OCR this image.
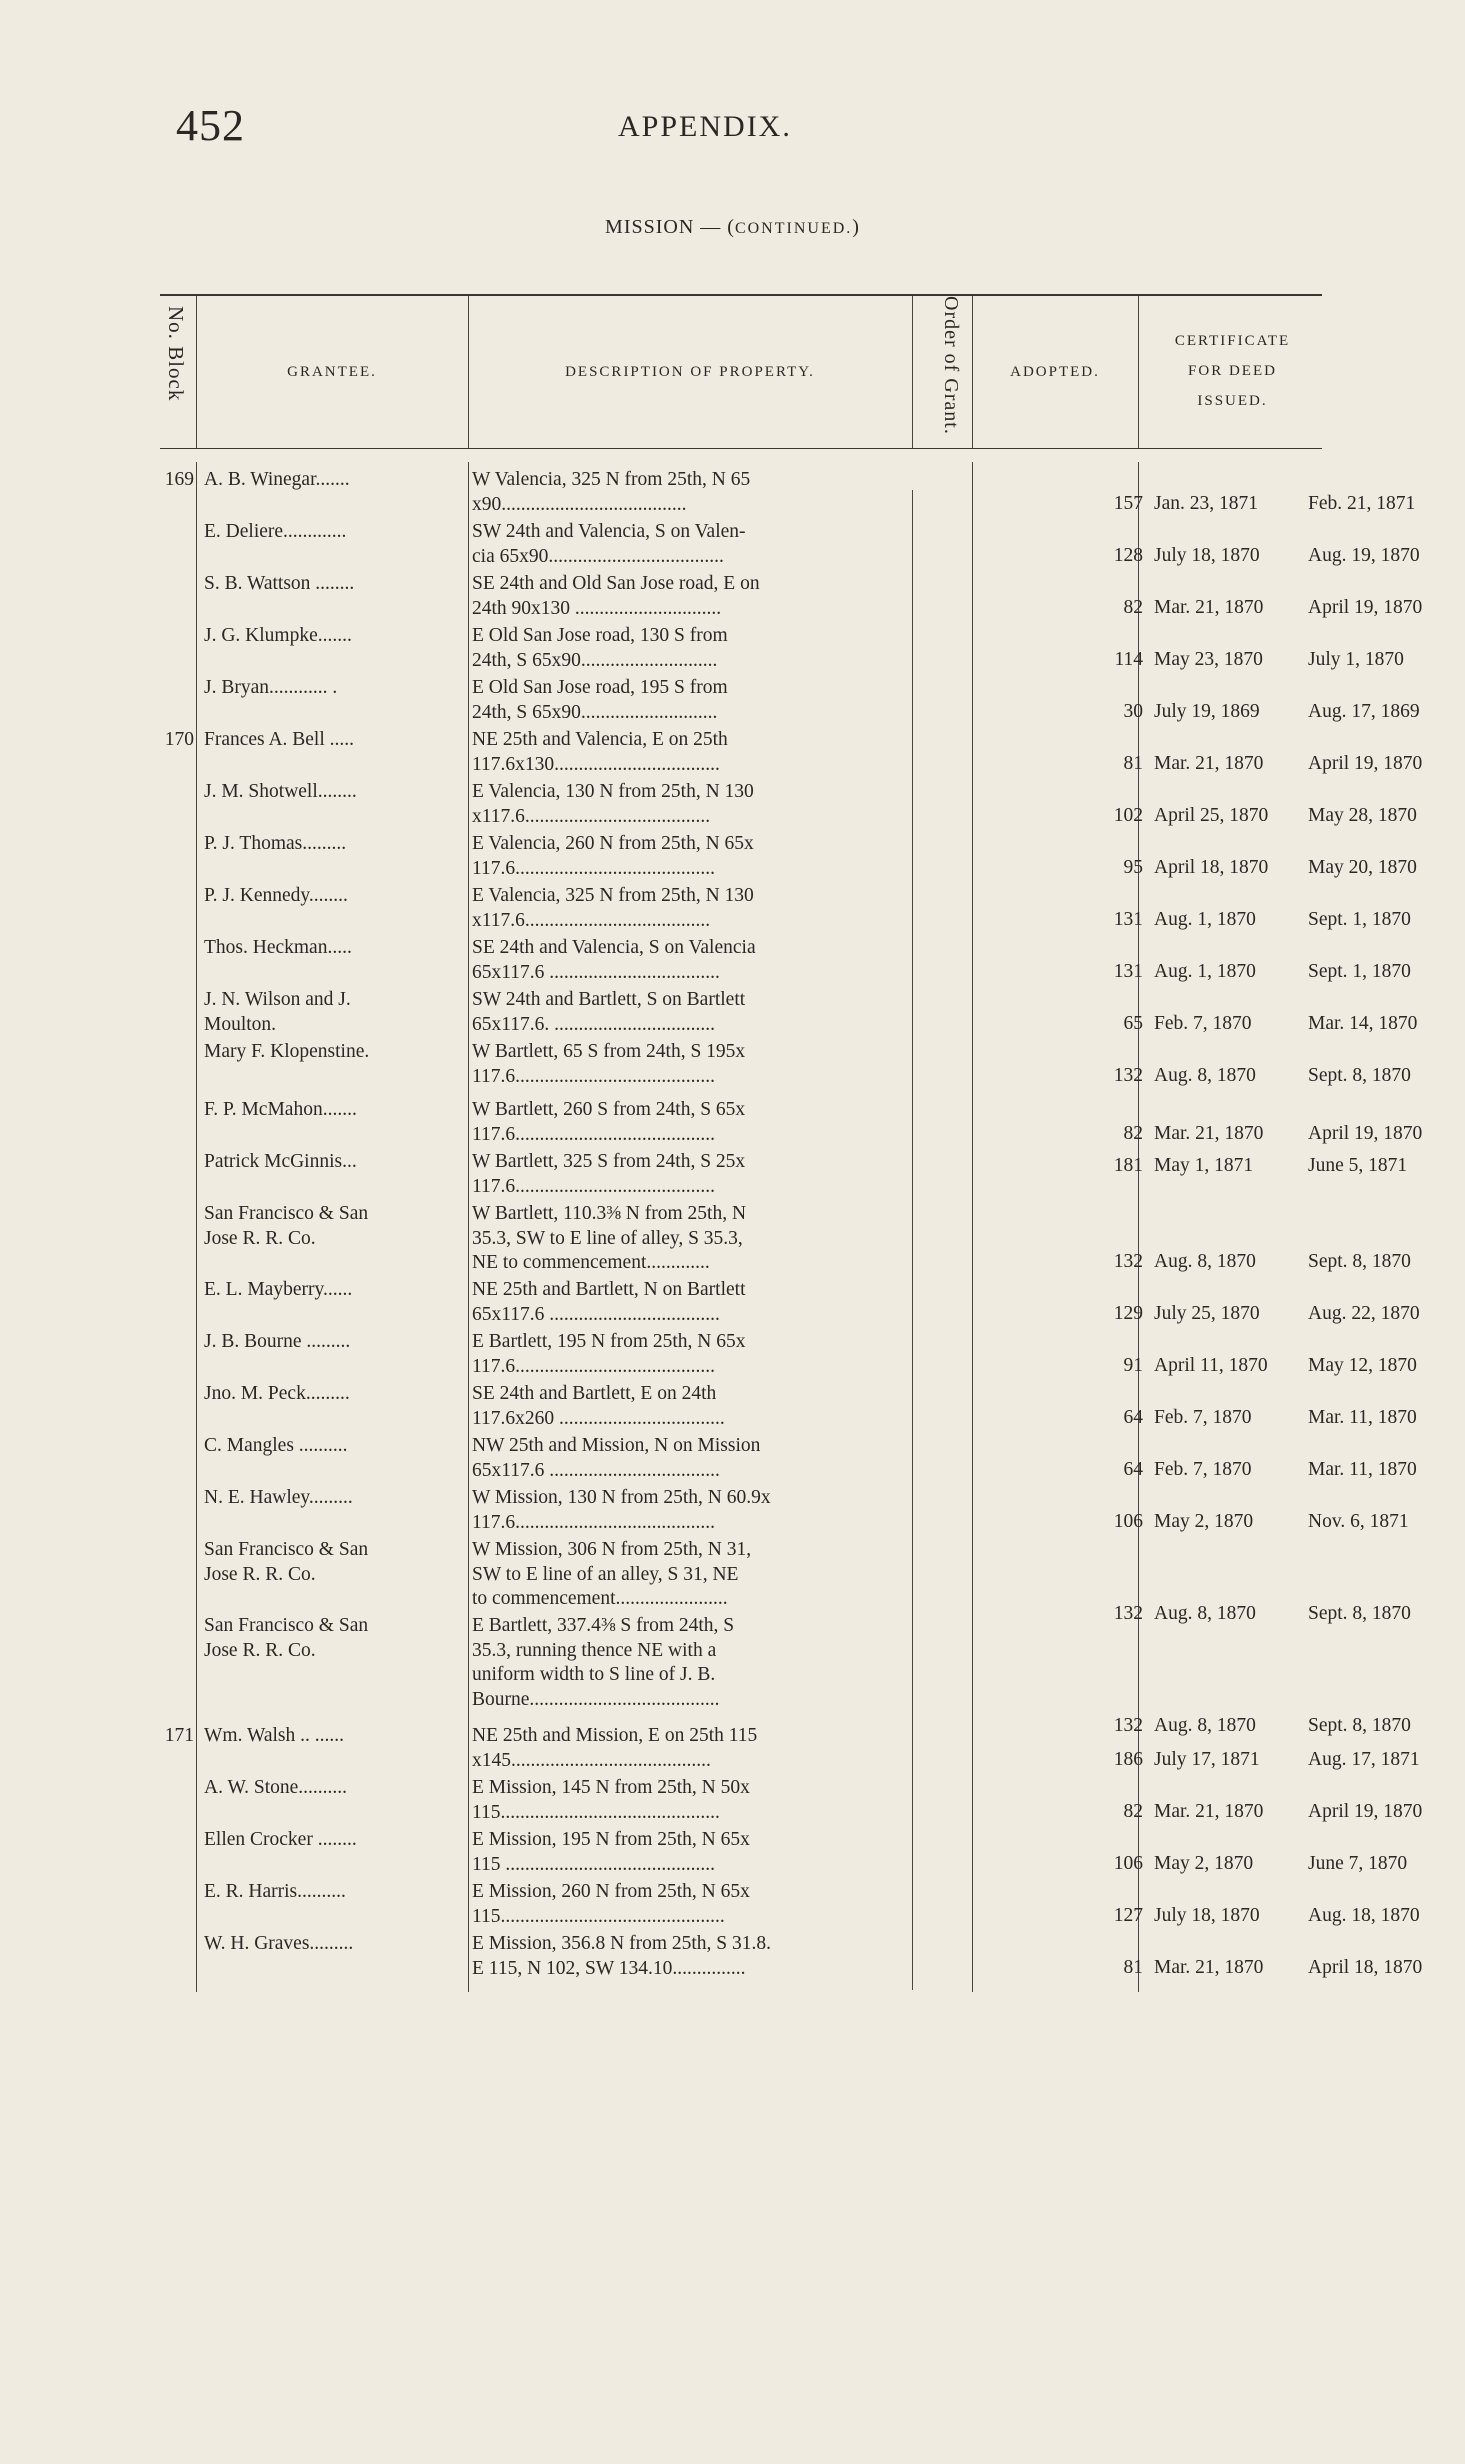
452	APPENDIX.
MISSION — (CONTINUED.)
No. Block	GRANTEE.	DESCRIPTION OF PROPERTY.	Order of Grant.	ADOPTED.
CERTIFICATE
FOR DEED
ISSUED.
169 A. B. Winegar.......	W Valencia, 325 N from 25th, N 65
x90......................................	157 Jan. 23, 1871	Feb. 21, 1871
E. Deliere.............	SW 24th and Valencia, S on Valen-
cia 65x90....................................	128 July 18, 1870	Aug. 19, 1870
S. B. Wattson ........	SE 24th and Old San Jose road, E on
24th 90x130 ..............................	82 Mar. 21, 1870	April 19, 1870
J. G. Klumpke.......	E Old San Jose road, 130 S from
24th, S 65x90............................	114 May 23, 1870	July 1, 1870
J. Bryan............ .	E Old San Jose road, 195 S from
24th, S 65x90............................	30 July 19, 1869	Aug. 17, 1869
170 Frances A. Bell .....	NE 25th and Valencia, E on 25th
117.6x130..................................	81 Mar. 21, 1870	April 19, 1870
J. M. Shotwell........	E Valencia, 130 N from 25th, N 130
x117.6......................................	102 April 25, 1870	May 28, 1870
P. J. Thomas.........	E Valencia, 260 N from 25th, N 65x
117.6.........................................	95 April 18, 1870	May 20, 1870
P. J. Kennedy........	E Valencia, 325 N from 25th, N 130
x117.6......................................	131 Aug. 1, 1870	Sept. 1, 1870
Thos. Heckman.....	SE 24th and Valencia, S on Valencia
65x117.6 ...................................	131 Aug. 1, 1870	Sept. 1, 1870
J. N. Wilson and J.
Moulton.
SW 24th and Bartlett, S on Bartlett
65x117.6. .................................	65 Feb. 7, 1870	Mar. 14, 1870
Mary F. Klopenstine.	W Bartlett, 65 S from 24th, S 195x
117.6.........................................	132 Aug. 8, 1870	Sept. 8, 1870
F. P. McMahon.......	W Bartlett, 260 S from 24th, S 65x
117.6.........................................	82 Mar. 21, 1870	April 19, 1870
Patrick McGinnis...	W Bartlett, 325 S from 24th, S 25x
117.6.........................................
181 May 1, 1871	June 5, 1871
San Francisco & San
Jose R. R. Co.
W Bartlett, 110.3⅜ N from 25th, N
35.3, SW to E line of alley, S 35.3,
NE to commencement.............	132 Aug. 8, 1870	Sept. 8, 1870
E. L. Mayberry......	NE 25th and Bartlett, N on Bartlett
65x117.6 ...................................	129 July 25, 1870	Aug. 22, 1870
J. B. Bourne .........	E Bartlett, 195 N from 25th, N 65x
117.6.........................................	91 April 11, 1870	May 12, 1870
Jno. M. Peck.........	SE 24th and Bartlett, E on 24th
117.6x260 ..................................	64 Feb. 7, 1870	Mar. 11, 1870
C. Mangles ..........	NW 25th and Mission, N on Mission
65x117.6 ...................................	64 Feb. 7, 1870	Mar. 11, 1870
N. E. Hawley.........	W Mission, 130 N from 25th, N 60.9x
117.6.........................................	106 May 2, 1870	Nov. 6, 1871
San Francisco & San
Jose R. R. Co.
W Mission, 306 N from 25th, N 31,
SW to E line of an alley, S 31, NE
to commencement.......................
132 Aug. 8, 1870	Sept. 8, 1870
San Francisco & San
Jose R. R. Co.
E Bartlett, 337.4⅜ S from 24th, S
35.3, running thence NE with a
uniform width to S line of J. B.
Bourne.......................................
132 Aug. 8, 1870	Sept. 8, 1870
171 Wm. Walsh .. ......	NE 25th and Mission, E on 25th 115
x145.........................................	186 July 17, 1871	Aug. 17, 1871
A. W. Stone..........	E Mission, 145 N from 25th, N 50x
115.............................................	82 Mar. 21, 1870	April 19, 1870
Ellen Crocker ........	E Mission, 195 N from 25th, N 65x
115 ...........................................	106 May 2, 1870	June 7, 1870
E. R. Harris..........	E Mission, 260 N from 25th, N 65x
115..............................................	127 July 18, 1870	Aug. 18, 1870
W. H. Graves.........	E Mission, 356.8 N from 25th, S 31.8.
E 115, N 102, SW 134.10...............	81 Mar. 21, 1870	April 18, 1870
